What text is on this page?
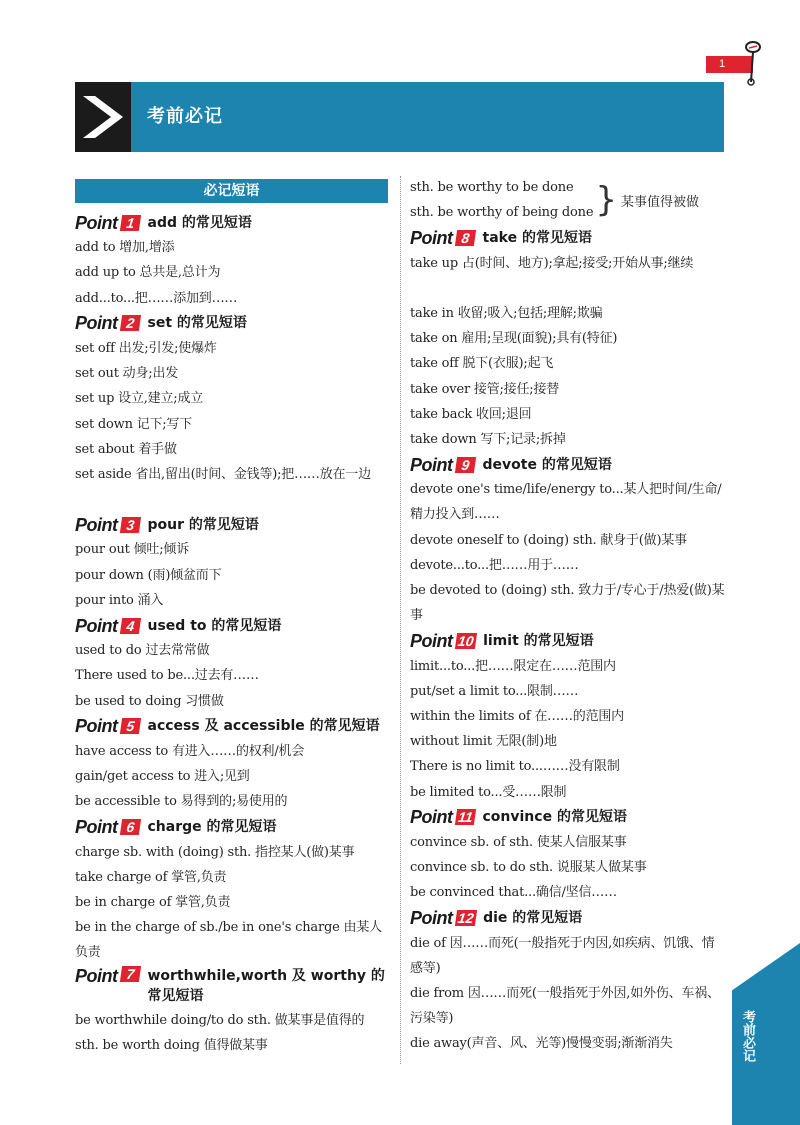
1
考前必记
必记短语
Point 1 add 的常见短语
add to 增加,增添
add up to 总共是,总计为
add...to...把……添加到……
Point 2 set 的常见短语
set off 出发;引发;使爆炸
set out 动身;出发
set up 设立,建立;成立
set down 记下;写下
set about 着手做
set aside 省出,留出(时间、金钱等);把……放在一边
Point 3 pour 的常见短语
pour out 倾吐;倾诉
pour down (雨)倾盆而下
pour into 涌入
Point 4 used to 的常见短语
used to do 过去常常做
There used to be...过去有……
be used to doing 习惯做
Point 5 access 及 accessible 的常见短语
have access to 有进入……的权利/机会
gain/get access to 进入;见到
be accessible to 易得到的;易使用的
Point 6 charge 的常见短语
charge sb. with (doing) sth. 指控某人(做)某事
take charge of 掌管,负责
be in charge of 掌管,负责
be in the charge of sb./be in one's charge 由某人负责
Point 7 worthwhile,worth 及 worthy 的常见短语
be worthwhile doing/to do sth. 做某事是值得的
sth. be worth doing 值得做某事
sth. be worthy to be done
sth. be worthy of being done } 某事值得被做
Point 8 take 的常见短语
take up 占(时间、地方);拿起;接受;开始从事;继续
take in 收留;吸入;包括;理解;欺骗
take on 雇用;呈现(面貌);具有(特征)
take off 脱下(衣服);起飞
take over 接管;接任;接替
take back 收回;退回
take down 写下;记录;拆掉
Point 9 devote 的常见短语
devote one's time/life/energy to...某人把时间/生命/精力投入到……
devote oneself to (doing) sth. 献身于(做)某事
devote...to...把……用于……
be devoted to (doing) sth. 致力于/专心于/热爱(做)某事
Point 10 limit 的常见短语
limit...to...把……限定在……范围内
put/set a limit to...限制……
within the limits of 在……的范围内
without limit 无限(制)地
There is no limit to...……没有限制
be limited to...受……限制
Point 11 convince 的常见短语
convince sb. of sth. 使某人信服某事
convince sb. to do sth. 说服某人做某事
be convinced that...确信/坚信……
Point 12 die 的常见短语
die of 因……而死(一般指死于内因,如疾病、饥饿、情感等)
die from 因……而死(一般指死于外因,如外伤、车祸、污染等)
die away(声音、风、光等)慢慢变弱;渐渐消失	考前必记
